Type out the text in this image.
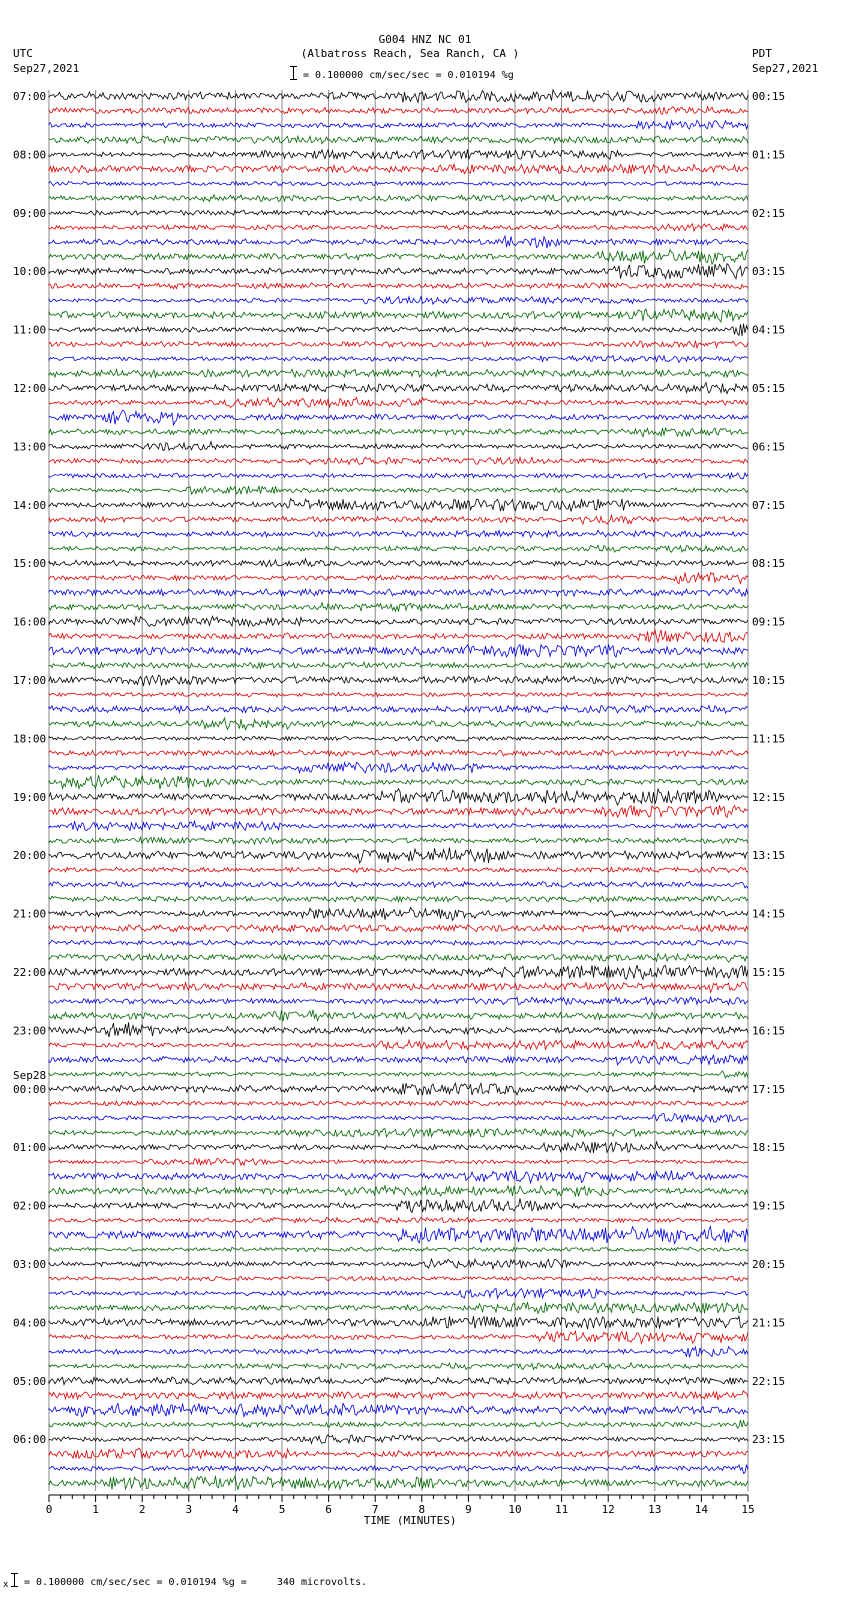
G004 HNZ NC 01
(Albatross Reach, Sea Ranch, CA )
UTC
Sep27,2021
PDT
Sep27,2021
= 0.100000 cm/sec/sec = 0.010194 %g
0	1	2	3	4	5	6	7	8	9	10	11	12	13	14	15
TIME (MINUTES)
07:00	00:15
08:00	01:15
09:00	02:15
10:00	03:15
11:00	04:15
12:00	05:15
13:00	06:15
14:00	07:15
15:00	08:15
16:00	09:15
17:00	10:15
18:00	11:15
19:00	12:15
20:00	13:15
21:00	14:15
22:00	15:15
23:00	16:15
00:00	17:15
Sep28
01:00	18:15
02:00	19:15
03:00	20:15
04:00	21:15
05:00	22:15
06:00	23:15
x = 0.100000 cm/sec/sec = 0.010194 %g =     340 microvolts.
